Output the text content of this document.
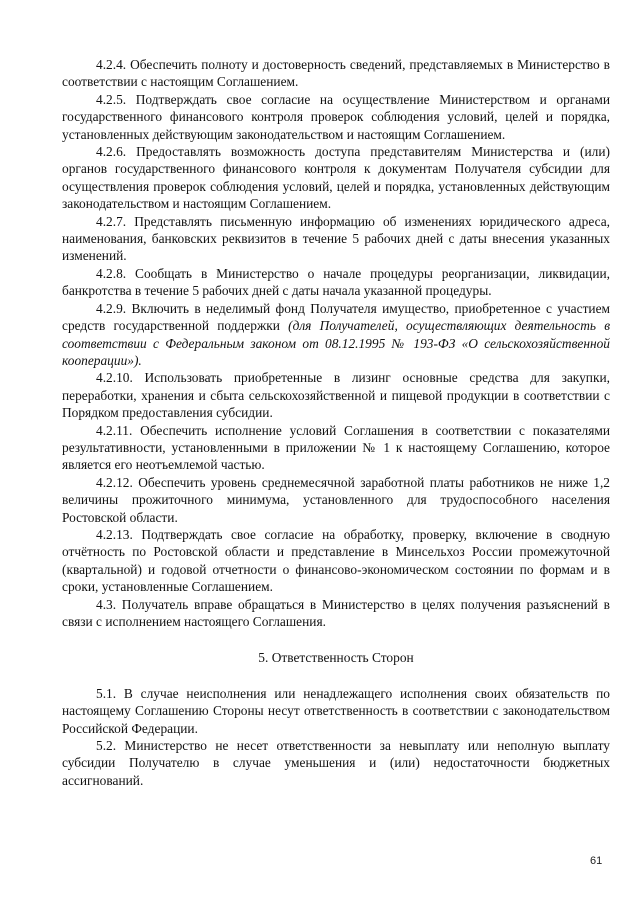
4.2.4. Обеспечить полноту и достоверность сведений, представляемых в Министерство в соответствии с настоящим Соглашением.

4.2.5. Подтверждать свое согласие на осуществление Министерством и органами государственного финансового контроля проверок соблюдения условий, целей и порядка, установленных действующим законодательством и настоящим Соглашением.

4.2.6. Предоставлять возможность доступа представителям Министерства и (или) органов государственного финансового контроля к документам Получателя субсидии для осуществления проверок соблюдения условий, целей и порядка, установленных действующим законодательством и настоящим Соглашением.

4.2.7. Представлять письменную информацию об изменениях юридического адреса, наименования, банковских реквизитов в течение 5 рабочих дней с даты внесения указанных изменений.

4.2.8. Сообщать в Министерство о начале процедуры реорганизации, ликвидации, банкротства в течение 5 рабочих дней с даты начала указанной процедуры.

4.2.9. Включить в неделимый фонд Получателя имущество, приобретенное с участием средств государственной поддержки (для Получателей, осуществляющих деятельность в соответствии с Федеральным законом от 08.12.1995 № 193-ФЗ «О сельскохозяйственной кооперации»).

4.2.10. Использовать приобретенные в лизинг основные средства для закупки, переработки, хранения и сбыта сельскохозяйственной и пищевой продукции в соответствии с Порядком предоставления субсидии.

4.2.11. Обеспечить исполнение условий Соглашения в соответствии с показателями результативности, установленными в приложении № 1 к настоящему Соглашению, которое является его неотъемлемой частью.

4.2.12. Обеспечить уровень среднемесячной заработной платы работников не ниже 1,2 величины прожиточного минимума, установленного для трудоспособного населения Ростовской области.

4.2.13. Подтверждать свое согласие на обработку, проверку, включение в сводную отчётность по Ростовской области и представление в Минсельхоз России промежуточной (квартальной) и годовой отчетности о финансово-экономическом состоянии по формам и в сроки, установленные Соглашением.

4.3. Получатель вправе обращаться в Министерство в целях получения разъяснений в связи с исполнением настоящего Соглашения.

5. Ответственность Сторон

5.1. В случае неисполнения или ненадлежащего исполнения своих обязательств по настоящему Соглашению Стороны несут ответственность в соответствии с законодательством Российской Федерации.

5.2. Министерство не несет ответственности за невыплату или неполную выплату субсидии Получателю в случае уменьшения и (или) недостаточности бюджетных ассигнований.

61
